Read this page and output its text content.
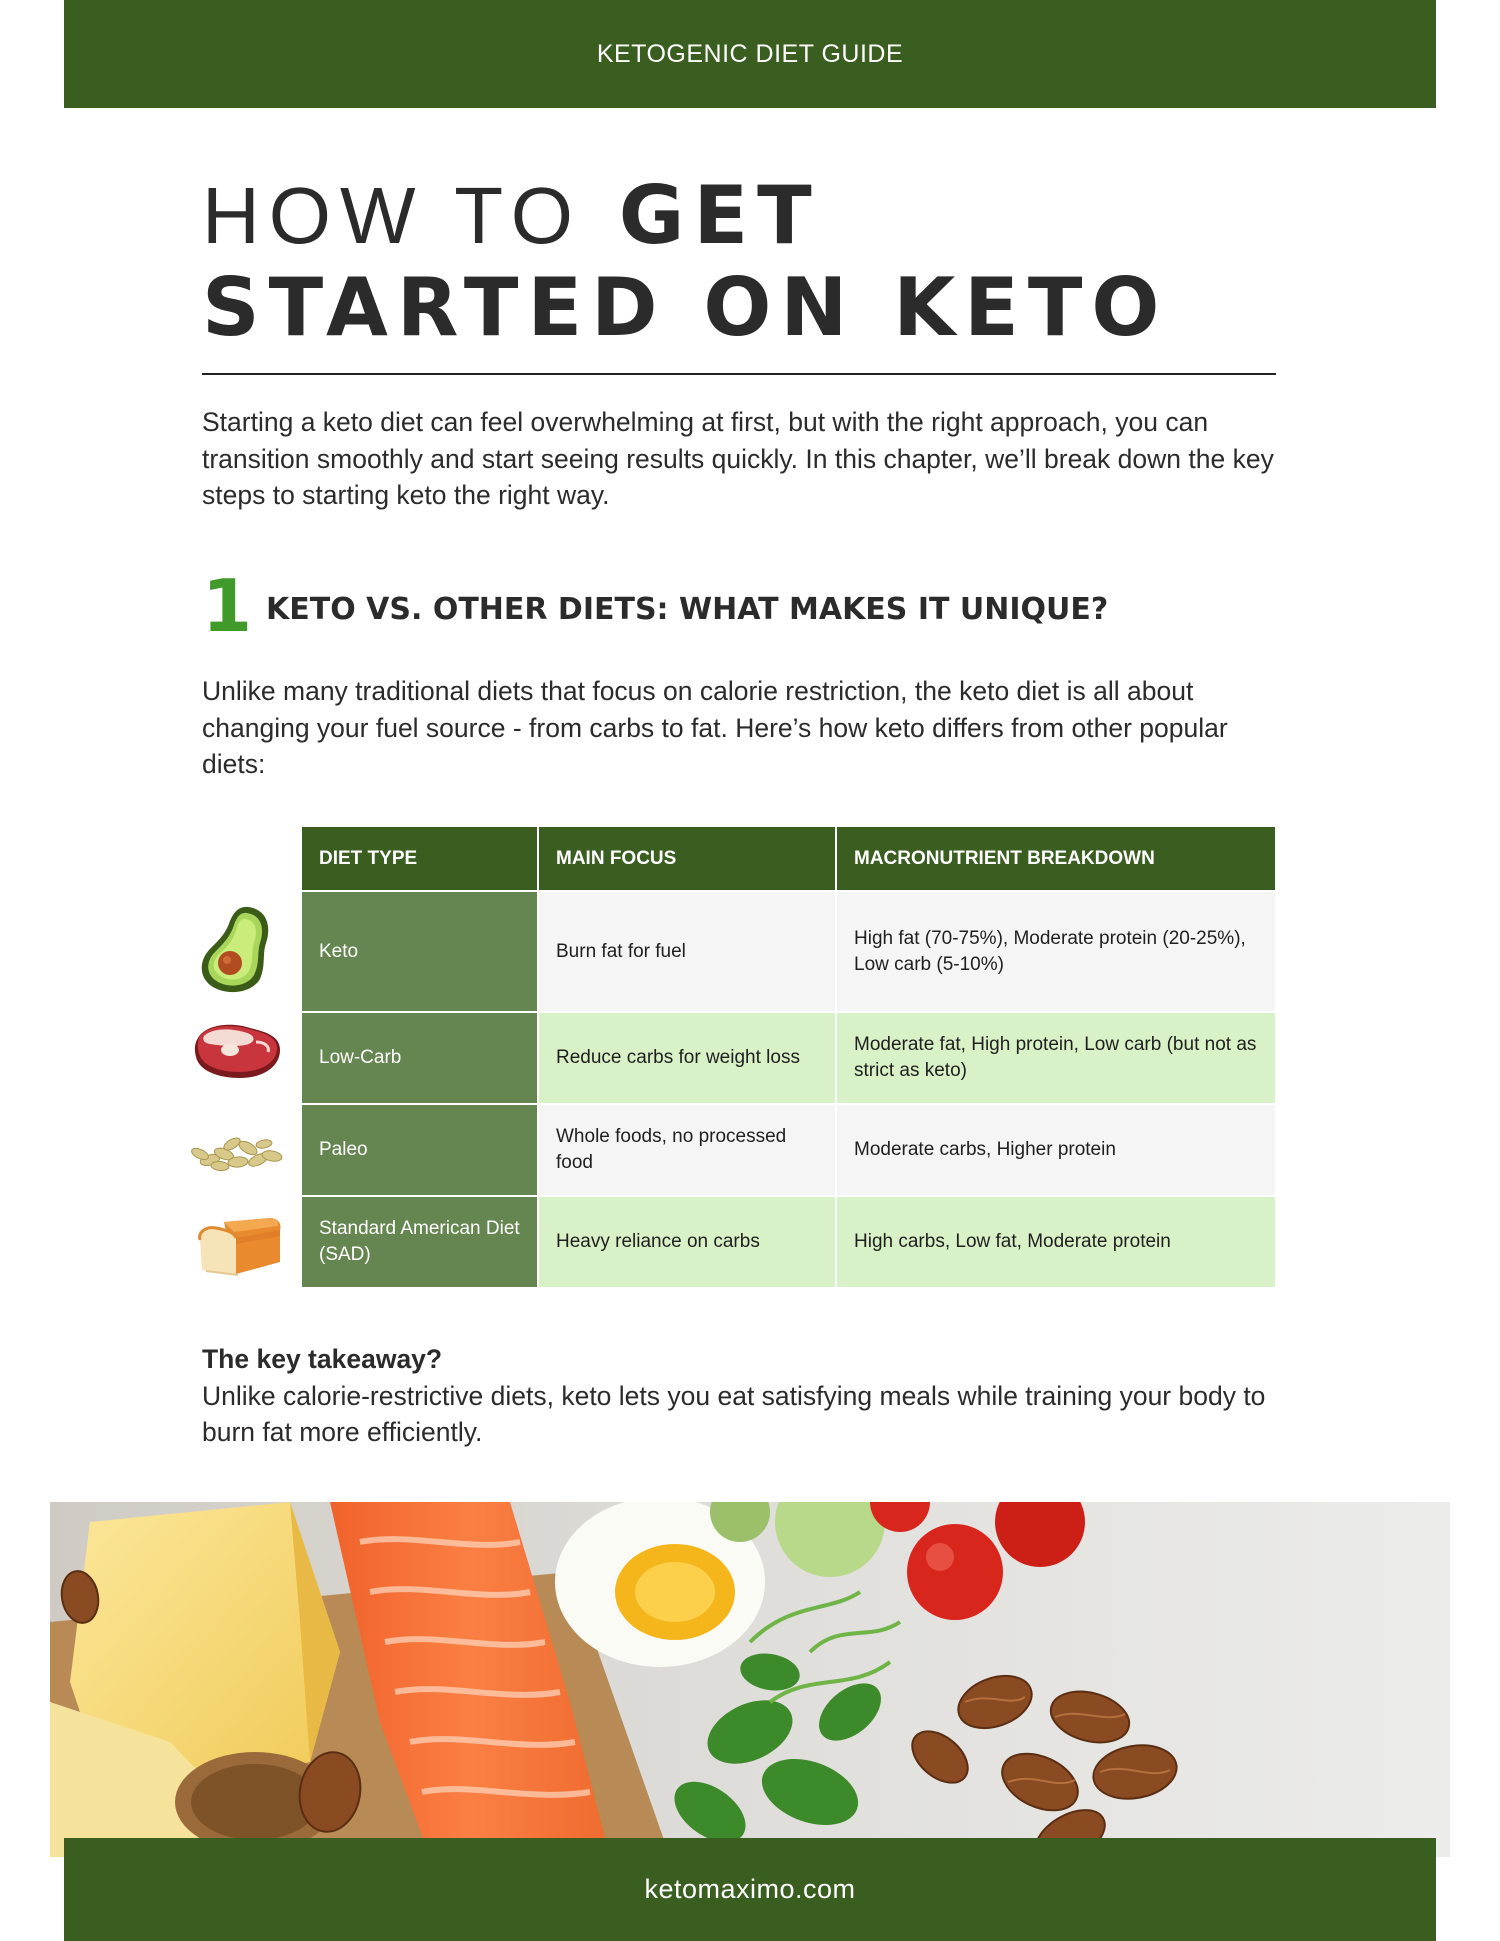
KETOGENIC DIET GUIDE
HOW TO GET
STARTED ON KETO

Starting a keto diet can feel overwhelming at first, but with the right approach, you can transition smoothly and start seeing results quickly. In this chapter, we’ll break down the key steps to starting keto the right way.

1 KETO VS. OTHER DIETS: WHAT MAKES IT UNIQUE?

Unlike many traditional diets that focus on calorie restriction, the keto diet is all about changing your fuel source - from carbs to fat. Here’s how keto differs from other popular diets:

DIET TYPE	MAIN FOCUS	MACRONUTRIENT BREAKDOWN
Keto	Burn fat for fuel	High fat (70-75%), Moderate protein (20-25%), Low carb (5-10%)
Low-Carb	Reduce carbs for weight loss	Moderate fat, High protein, Low carb (but not as strict as keto)
Paleo	Whole foods, no processed food	Moderate carbs, Higher protein
Standard American Diet (SAD)	Heavy reliance on carbs	High carbs, Low fat, Moderate protein

The key takeaway?
Unlike calorie-restrictive diets, keto lets you eat satisfying meals while training your body to burn fat more efficiently.

ketomaximo.com
